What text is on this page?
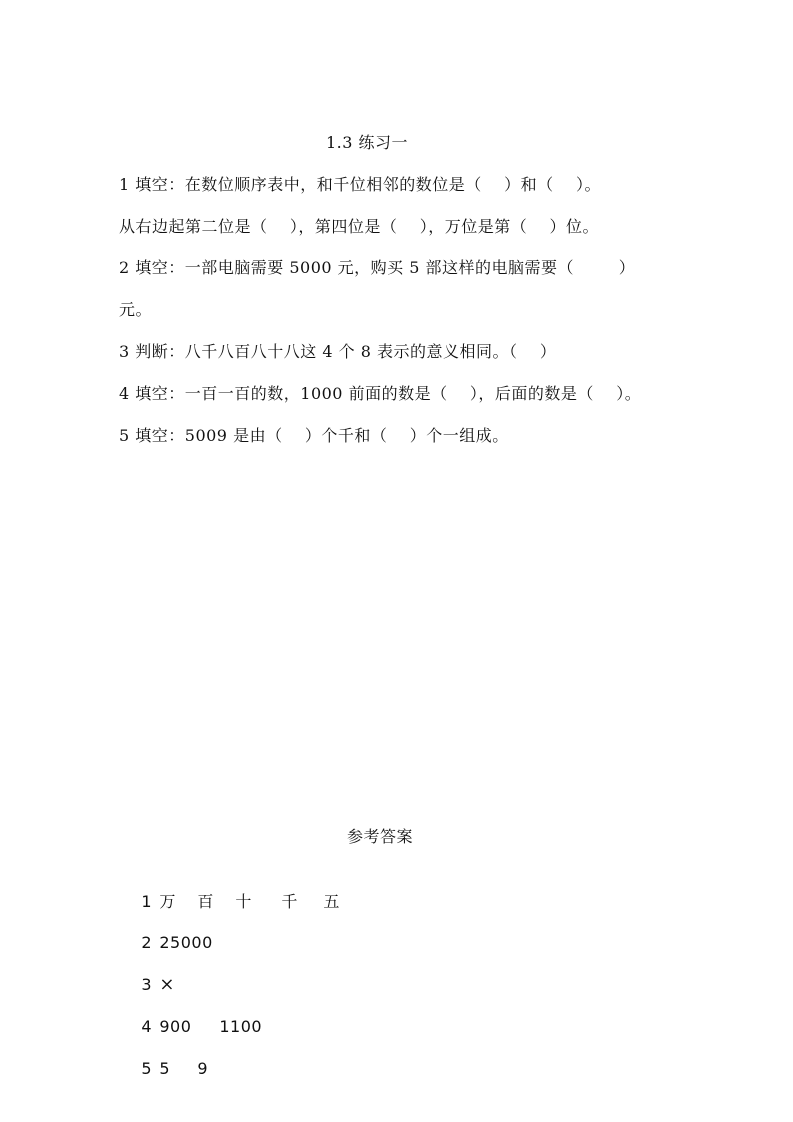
1.3 练习一
1 填空：在数位顺序表中，和千位相邻的数位是（    ）和（    ）。
从右边起第二位是（    ），第四位是（    ），万位是第（    ）位。
2 填空：一部电脑需要 5000 元，购买 5 部这样的电脑需要（        ）
元。
3 判断：八千八百八十八这 4 个 8 表示的意义相同。（    ）
4 填空：一百一百的数，1000 前面的数是（    ），后面的数是（    ）。
5 填空：5009 是由（    ）个千和（    ）个一组成。
参考答案

1 万 百 十 千 五

2 25000

3 ×

4 900 1100

5 5 9
